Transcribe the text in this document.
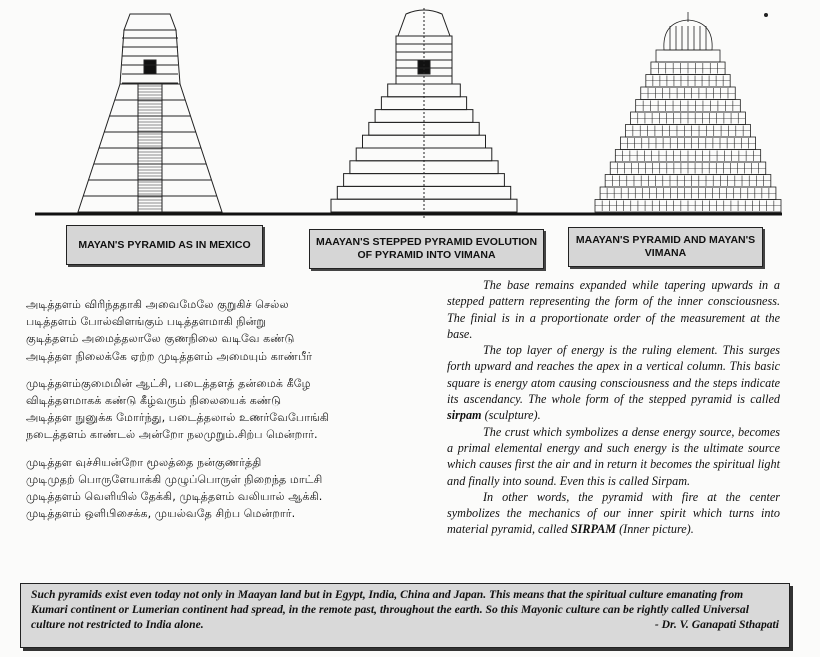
MAYAN'S PYRAMID AS IN MEXICO	MAAYAN'S STEPPED PYRAMID EVOLUTION OF PYRAMID INTO VIMANA
MAAYAN'S PYRAMID AND MAYAN'S VIMANA

அடித்தளம் விரிந்ததாகி அவைமேலே குறுகிச் செல்ல
படித்தளம் போல்விளங்கும் படித்தளமாகி நின்று
குடித்தளம் அமைத்தலாலே குணநிலை வடிவே கண்டு
அடித்தள நிலைக்கே ஏற்ற முடித்தளம் அமையும் காண்பீர்

முடித்தளம்குமைமின் ஆட்சி, படைத்தளத் தன்மைக் கீழே
விடித்தளமாகக் கண்டு கீழ்வரும் நிலையைக் கண்டு
அடித்தள நுனுக்க மோர்ந்து, படைத்தலால் உணர்வேபோங்கி
நடைத்தளம் காண்டல் அன்றோ நலமுறும்.சிற்ப மென்றார்.

முடித்தள வுச்சியன்றோ மூலத்தை நன்குணர்த்தி
முடிமுதற் பொருளேயாக்கி முழுப்பொருள் நிறைந்த மாட்சி
முடித்தளம் வெளியில் தேக்கி, முடித்தளம் வலியால் ஆக்கி.
முடித்தளம் ஒளிபிசைக்க, முயல்வதே சிற்ப மென்றார்.

The base remains expanded while tapering upwards in a stepped pattern representing the form of the inner consciousness. The finial is in a proportionate order of the measurement at the base.

The top layer of energy is the ruling element. This surges forth upward and reaches the apex in a vertical column. This basic square is energy atom causing consciousness and the steps indicate its ascendancy. The whole form of the stepped pyramid is called sirpam (sculpture).

The crust which symbolizes a dense energy source, becomes a primal elemental energy and such energy is the ultimate source which causes first the air and in return it becomes the spiritual light and finally into sound. Even this is called Sirpam.

In other words, the pyramid with fire at the center symbolizes the mechanics of our inner spirit which turns into material pyramid, called SIRPAM (Inner picture).

Such pyramids exist even today not only in Maayan land but in Egypt, India, China and Japan. This means that the spiritual culture emanating from Kumari continent or Lumerian continent had spread, in the remote past, throughout the earth. So this Mayonic culture can be rightly called Universal culture not restricted to India alone.	- Dr. V. Ganapati Sthapati
